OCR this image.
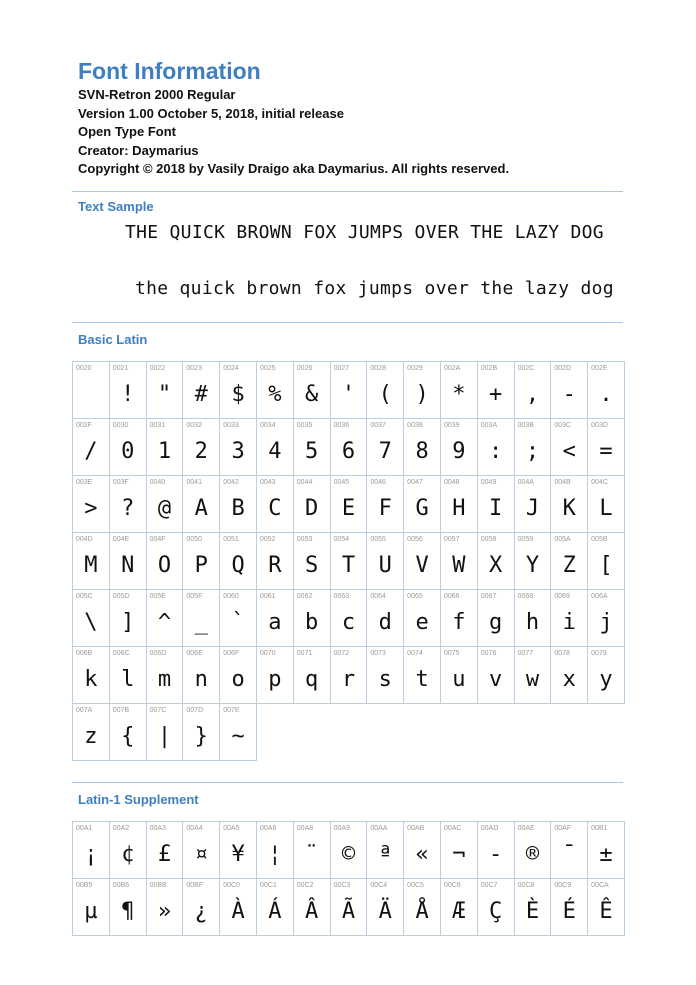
Font Information
SVN-Retron 2000 Regular
Version 1.00 October 5, 2018, initial release
Open Type Font
Creator: Daymarius
Copyright © 2018 by Vasily Draigo aka Daymarius. All rights reserved.
Text Sample
THE QUICK BROWN FOX JUMPS OVER THE LAZY DOG
the quick brown fox jumps over the lazy dog
Basic Latin
0020	0021
!
0022
"
0023
#
0024
$
0025
%
0026
&
0027
'
0028
(
0029
)
002A
*
002B
+
002C
,
002D
-
002E
.
002F
/
0030
0
0031
1
0032
2
0033
3
0034
4
0035
5
0036
6
0037
7
0038
8
0039
9
003A
:
003B
;
003C
<
003D
=
003E
>
003F
?
0040
@
0041
A
0042
B
0043
C
0044
D
0045
E
0046
F
0047
G
0048
H
0049
I
004A
J
004B
K
004C
L
004D
M
004E
N
004F
O
0050
P
0051
Q
0052
R
0053
S
0054
T
0055
U
0056
V
0057
W
0058
X
0059
Y
005A
Z
005B
[
005C
\
005D
]
005E
^
005F
_
0060
`
0061
a
0062
b
0063
c
0064
d
0065
e
0066
f
0067
g
0068
h
0069
i
006A
j
006B
k
006C
l
006D
m
006E
n
006F
o
0070
p
0071
q
0072
r
0073
s
0074
t
0075
u
0076
v
0077
w
0078
x
0079
y
007A
z
007B
{
007C
|
007D
}
007E
~
Latin-1 Supplement
00A1
¡
00A2
¢
00A3
£
00A4
¤
00A5
¥
00A6
¦
00A8
¨
00A9
©
00AA
ª
00AB
«
00AC
¬
00AD
-
00AE
®
00AF
¯
00B1
±
00B5
µ
00B6
¶
00BB
»
00BF
¿
00C0
À
00C1
Á
00C2
Â
00C3
Ã
00C4
Ä
00C5
Å
00C6
Æ
00C7
Ç
00C8
È
00C9
É
00CA
Ê
